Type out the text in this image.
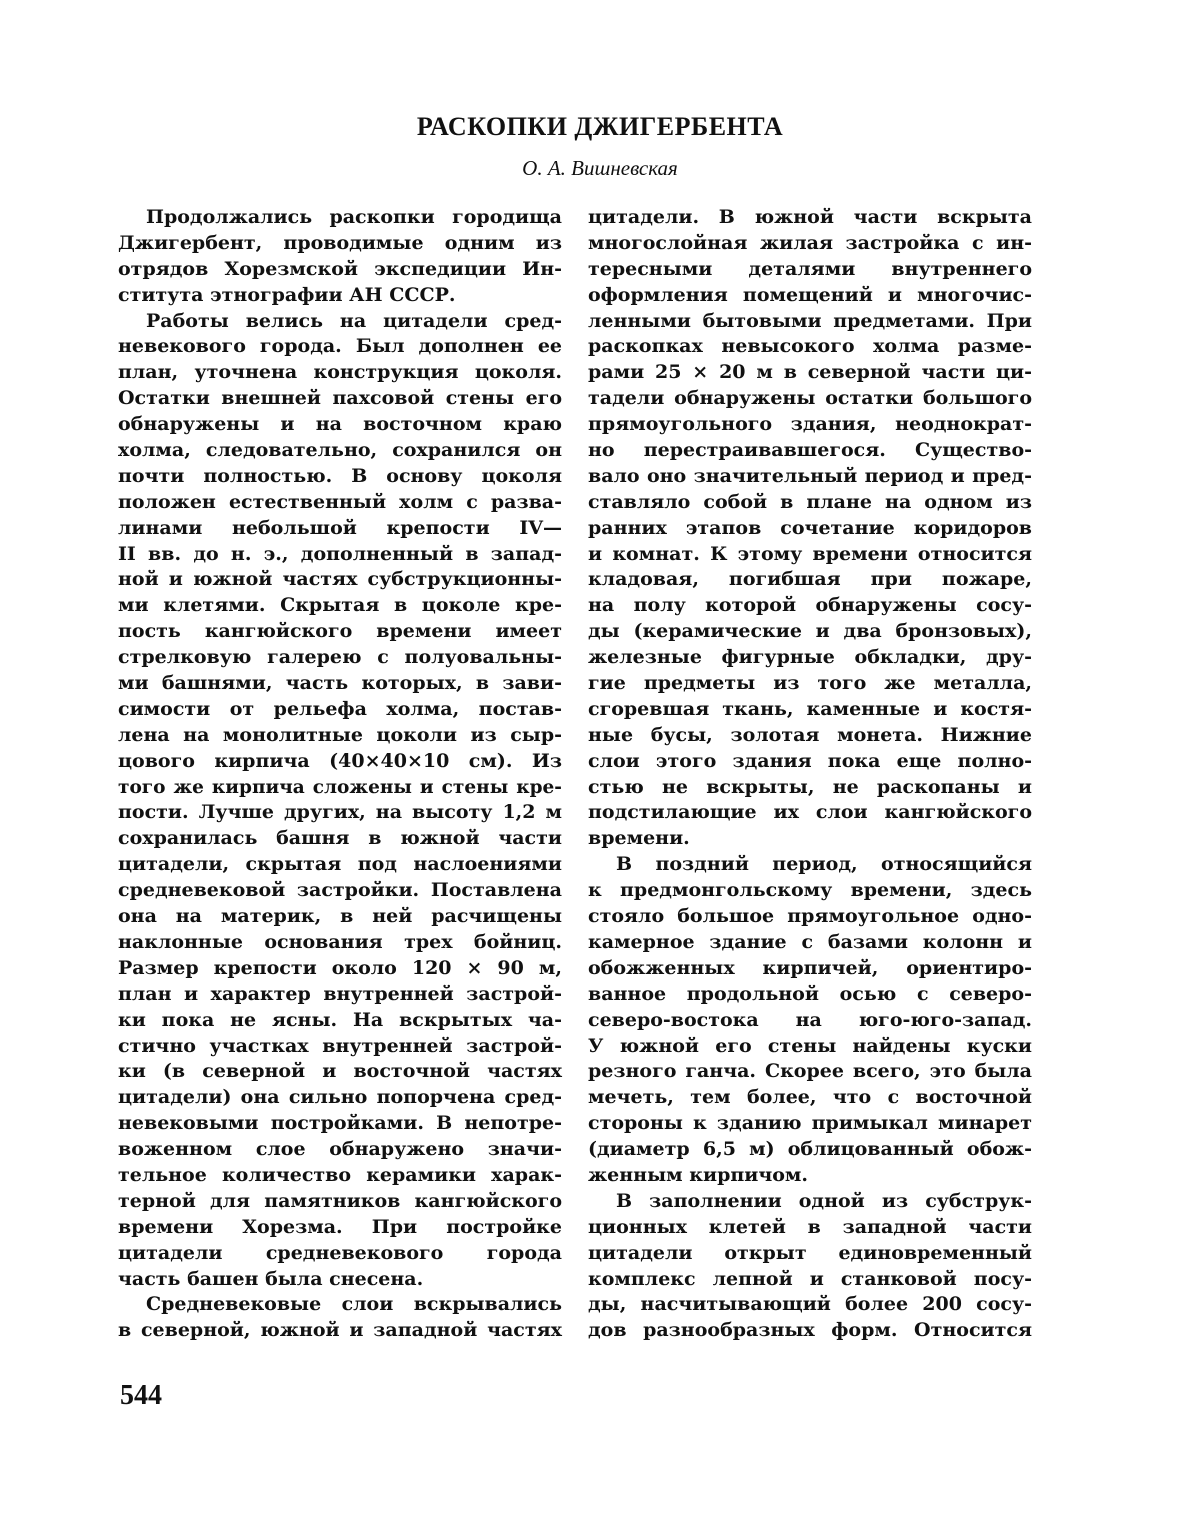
РАСКОПКИ ДЖИГЕРБЕНТА
О. А. Вишневская
Продолжались раскопки городища
Джигербент, проводимые одним из
отрядов Хорезмской экспедиции Ин-
ститута этнографии АН СССР.
Работы велись на цитадели сред-
невекового города. Был дополнен ее
план, уточнена конструкция цоколя.
Остатки внешней пахсовой стены его
обнаружены и на восточном краю
холма, следовательно, сохранился он
почти полностью. В основу цоколя
положен естественный холм с разва-
линами небольшой крепости IV—
II вв. до н. э., дополненный в запад-
ной и южной частях субструкционны-
ми клетями. Скрытая в цоколе кре-
пость кангюйского времени имеет
стрелковую галерею с полуовальны-
ми башнями, часть которых, в зави-
симости от рельефа холма, постав-
лена на монолитные цоколи из сыр-
цового кирпича (40×40×10 см). Из
того же кирпича сложены и стены кре-
пости. Лучше других, на высоту 1,2 м
сохранилась башня в южной части
цитадели, скрытая под наслоениями
средневековой застройки. Поставлена
она на материк, в ней расчищены
наклонные основания трех бойниц.
Размер крепости около 120 × 90 м,
план и характер внутренней застрой-
ки пока не ясны. На вскрытых ча-
стично участках внутренней застрой-
ки (в северной и восточной частях
цитадели) она сильно попорчена сред-
невековыми постройками. В непотре-
воженном слое обнаружено значи-
тельное количество керамики харак-
терной для памятников кангюйского
времени Хорезма. При постройке
цитадели средневекового города
часть башен была снесена.
Средневековые слои вскрывались
в северной, южной и западной частях
цитадели. В южной части вскрыта
многослойная жилая застройка с ин-
тересными деталями внутреннего
оформления помещений и многочис-
ленными бытовыми предметами. При
раскопках невысокого холма разме-
рами 25 × 20 м в северной части ци-
тадели обнаружены остатки большого
прямоугольного здания, неоднократ-
но перестраивавшегося. Существо-
вало оно значительный период и пред-
ставляло собой в плане на одном из
ранних этапов сочетание коридоров
и комнат. К этому времени относится
кладовая, погибшая при пожаре,
на полу которой обнаружены сосу-
ды (керамические и два бронзовых),
железные фигурные обкладки, дру-
гие предметы из того же металла,
сгоревшая ткань, каменные и костя-
ные бусы, золотая монета. Нижние
слои этого здания пока еще полно-
стью не вскрыты, не раскопаны и
подстилающие их слои кангюйского
времени.
В поздний период, относящийся
к предмонгольскому времени, здесь
стояло большое прямоугольное одно-
камерное здание с базами колонн и
обожженных кирпичей, ориентиро-
ванное продольной осью с северо-
северо-востока на юго-юго-запад.
У южной его стены найдены куски
резного ганча. Скорее всего, это была
мечеть, тем более, что с восточной
стороны к зданию примыкал минарет
(диаметр 6,5 м) облицованный обож-
женным кирпичом.
В заполнении одной из субструк-
ционных клетей в западной части
цитадели открыт единовременный
комплекс лепной и станковой посу-
ды, насчитывающий более 200 сосу-
дов разнообразных форм. Относится
544
